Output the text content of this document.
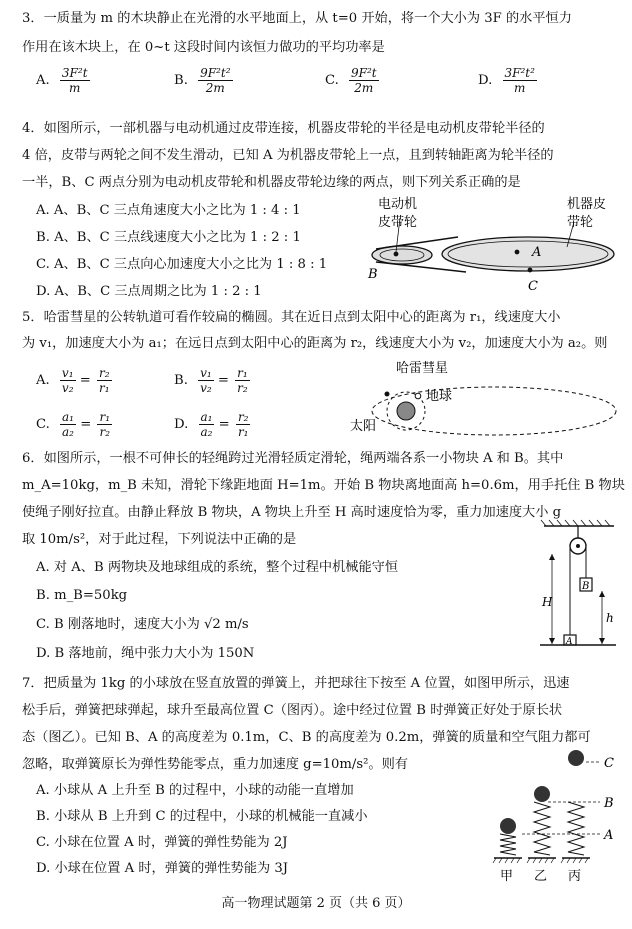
3．一质量为 m 的木块静止在光滑的水平地面上，从 t=0 开始，将一个大小为 3F 的水平恒力
作用在该木块上，在 0~t 这段时间内该恒力做功的平均功率是
A. $\frac{\text{3F²t}}{m}$	B. $\frac{\text{9F²t²}}{2m}$	C. $\frac{\text{9F²t}}{2m}$	D. $\frac{\text{3F²t²}}{m}$
4．如图所示，一部机器与电动机通过皮带连接，机器皮带轮的半径是电动机皮带轮半径的
4 倍，皮带与两轮之间不发生滑动，已知 A 为机器皮带轮上一点，且到转轴距离为轮半径的
一半，B、C 两点分别为电动机皮带轮和机器皮带轮边缘的两点，则下列关系正确的是
A. A、B、C 三点角速度大小之比为 1 : 4 : 1
B. A、B、C 三点线速度大小之比为 1 : 2 : 1
C. A、B、C 三点向心加速度大小之比为 1 : 8 : 1
D. A、B、C 三点周期之比为 1 : 2 : 1
电动机
皮带轮
机器皮
带轮
A
B
C
5．哈雷彗星的公转轨道可看作较扁的椭圆。其在近日点到太阳中心的距离为 r₁，线速度大小
为 v₁，加速度大小为 a₁；在远日点到太阳中心的距离为 r₂，线速度大小为 v₂，加速度大小为 a₂。则
A. $\frac{\text{v₁}}{\text{v₂}} = \frac{\text{r₂}}{\text{r₁}}$	B. $\frac{\text{v₁}}{\text{v₂}} = \frac{\text{r₁}}{\text{r₂}}$
C. $\frac{\text{a₁}}{\text{a₂}} = \frac{\text{r₁}}{\text{r₂}}$	D. $\frac{\text{a₁}}{\text{a₂}} = \frac{\text{r₂}}{\text{r₁}}$
哈雷彗星
地球
太阳
6．如图所示，一根不可伸长的轻绳跨过光滑轻质定滑轮，绳两端各系一小物块 A 和 B。其中
m_A=10kg，m_B 未知，滑轮下缘距地面 H=1m。开始 B 物块离地面高 h=0.6m，用手托住 B 物块
使绳子刚好拉直。由静止释放 B 物块，A 物块上升至 H 高时速度恰为零，重力加速度大小 g
取 10m/s²，对于此过程，下列说法中正确的是
A. 对 A、B 两物块及地球组成的系统，整个过程中机械能守恒
B. m_B=50kg
C. B 刚落地时，速度大小为 √2 m/s
D. B 落地前，绳中张力大小为 150N
H
h
B
A
7．把质量为 1kg 的小球放在竖直放置的弹簧上，并把球往下按至 A 位置，如图甲所示，迅速
松手后，弹簧把球弹起，球升至最高位置 C（图丙）。途中经过位置 B 时弹簧正好处于原长状
态（图乙）。已知 B、A 的高度差为 0.1m，C、B 的高度差为 0.2m，弹簧的质量和空气阻力都可
忽略，取弹簧原长为弹性势能零点，重力加速度 g=10m/s²。则有
A. 小球从 A 上升至 B 的过程中，小球的动能一直增加
B. 小球从 B 上升到 C 的过程中，小球的机械能一直减小
C. 小球在位置 A 时，弹簧的弹性势能为 2J
D. 小球在位置 A 时，弹簧的弹性势能为 3J
C
B
A
甲 乙 丙
高一物理试题第 2 页（共 6 页）
